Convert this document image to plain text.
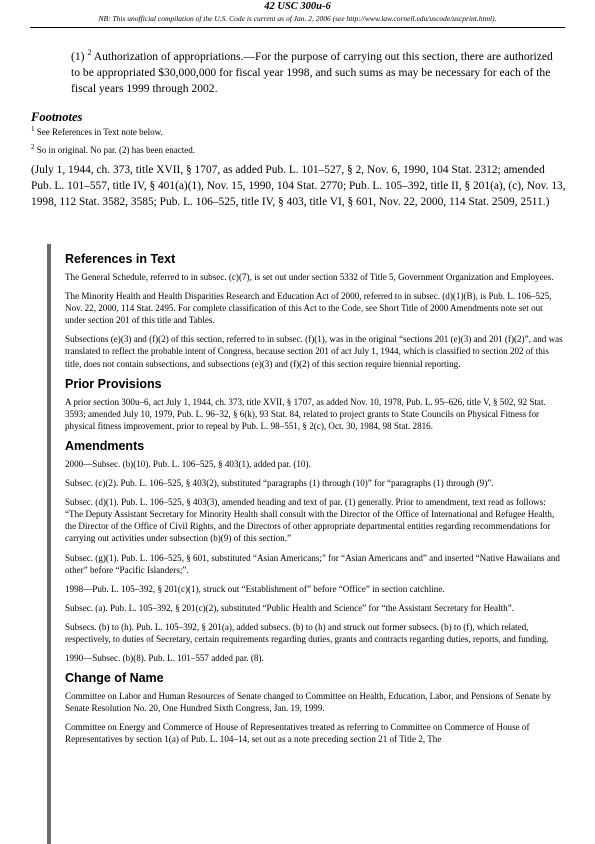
42 USC 300u-6
NB: This unofficial compilation of the U.S. Code is current as of Jan. 2, 2006 (see http://www.law.cornell.edu/uscode/uscprint.html).
(1) $^2$ Authorization of appropriations.—For the purpose of carrying out this section, there are authorized to be appropriated $30,000,000 for fiscal year 1998, and such sums as may be necessary for each of the fiscal years 1999 through 2002.
Footnotes
$^1$ See References in Text note below.
$^2$ So in original. No par. (2) has been enacted.
(July 1, 1944, ch. 373, title XVII, § 1707, as added Pub. L. 101–527, § 2, Nov. 6, 1990, 104 Stat. 2312; amended Pub. L. 101–557, title IV, § 401(a)(1), Nov. 15, 1990, 104 Stat. 2770; Pub. L. 105–392, title II, § 201(a), (c), Nov. 13, 1998, 112 Stat. 3582, 3585; Pub. L. 106–525, title IV, § 403, title VI, § 601, Nov. 22, 2000, 114 Stat. 2509, 2511.)
References in Text

The General Schedule, referred to in subsec. (c)(7), is set out under section 5332 of Title 5, Government Organization and Employees.

The Minority Health and Health Disparities Research and Education Act of 2000, referred to in subsec. (d)(1)(B), is Pub. L. 106–525, Nov. 22, 2000, 114 Stat. 2495. For complete classification of this Act to the Code, see Short Title of 2000 Amendments note set out under section 201 of this title and Tables.

Subsections (e)(3) and (f)(2) of this section, referred to in subsec. (f)(1), was in the original “sections 201 (e)(3) and 201 (f)(2)”, and was translated to reflect the probable intent of Congress, because section 201 of act July 1, 1944, which is classified to section 202 of this title, does not contain subsections, and subsections (e)(3) and (f)(2) of this section require biennial reporting.

Prior Provisions

A prior section 300u–6, act July 1, 1944, ch. 373, title XVII, § 1707, as added Nov. 10, 1978, Pub. L. 95–626, title V, § 502, 92 Stat. 3593; amended July 10, 1979, Pub. L. 96–32, § 6(k), 93 Stat. 84, related to project grants to State Councils on Physical Fitness for physical fitness improvement, prior to repeal by Pub. L. 98–551, § 2(c), Oct. 30, 1984, 98 Stat. 2816.

Amendments

2000—Subsec. (b)(10). Pub. L. 106–525, § 403(1), added par. (10).

Subsec. (c)(2). Pub. L. 106–525, § 403(2), substituted “paragraphs (1) through (10)” for “paragraphs (1) through (9)”.

Subsec. (d)(1). Pub. L. 106–525, § 403(3), amended heading and text of par. (1) generally. Prior to amendment, text read as follows: “The Deputy Assistant Secretary for Minority Health shall consult with the Director of the Office of International and Refugee Health, the Director of the Office of Civil Rights, and the Directors of other appropriate departmental entities regarding recommendations for carrying out activities under subsection (b)(9) of this section.”

Subsec. (g)(1). Pub. L. 106–525, § 601, substituted “Asian Americans;” for “Asian Americans and” and inserted “Native Hawaiians and other” before “Pacific Islanders;”.

1998—Pub. L. 105–392, § 201(c)(1), struck out “Establishment of” before “Office” in section catchline.

Subsec. (a). Pub. L. 105–392, § 201(c)(2), substituted “Public Health and Science” for “the Assistant Secretary for Health”.

Subsecs. (b) to (h). Pub. L. 105–392, § 201(a), added subsecs. (b) to (h) and struck out former subsecs. (b) to (f), which related, respectively, to duties of Secretary, certain requirements regarding duties, grants and contracts regarding duties, reports, and funding.

1990—Subsec. (b)(8). Pub. L. 101–557 added par. (8).

Change of Name

Committee on Labor and Human Resources of Senate changed to Committee on Health, Education, Labor, and Pensions of Senate by Senate Resolution No. 20, One Hundred Sixth Congress, Jan. 19, 1999.

Committee on Energy and Commerce of House of Representatives treated as referring to Committee on Commerce of House of Representatives by section 1(a) of Pub. L. 104–14, set out as a note preceding section 21 of Title 2, The
